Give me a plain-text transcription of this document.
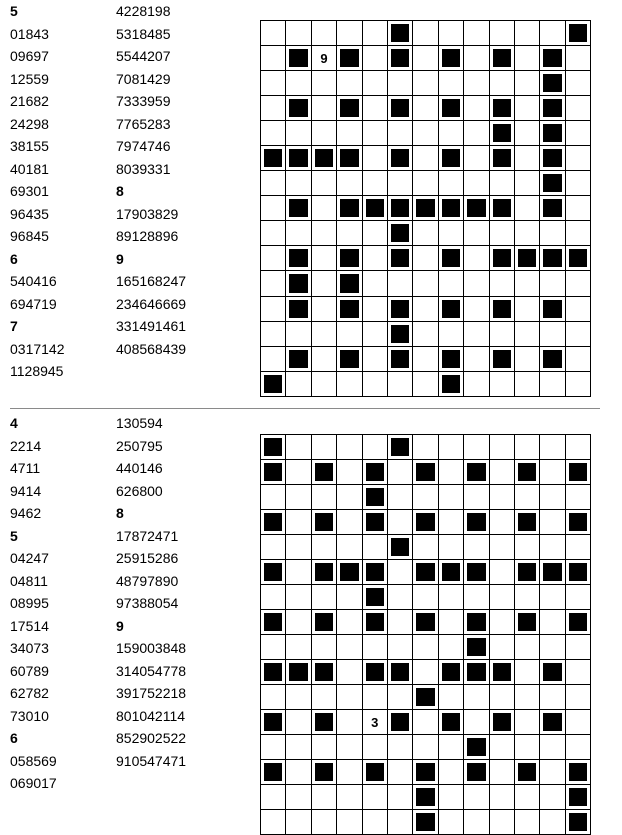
5
01843
09697
12559
21682
24298
38155
40181
69301
96435
96845
6
540416
694719
7
0317142
1128945
4228198
5318485
5544207
7081429
7333959
7765283
7974746
8039331
8
17903829
89128896
9
165168247
234646669
331491461
408568439
9
4
2214
4711
9414
9462
5
04247
04811
08995
17514
34073
60789
62782
73010
6
058569
069017
130594
250795
440146
626800
8
17872471
25915286
48797890
97388054
9
159003848
314054778
391752218
801042114
852902522
910547471
3
